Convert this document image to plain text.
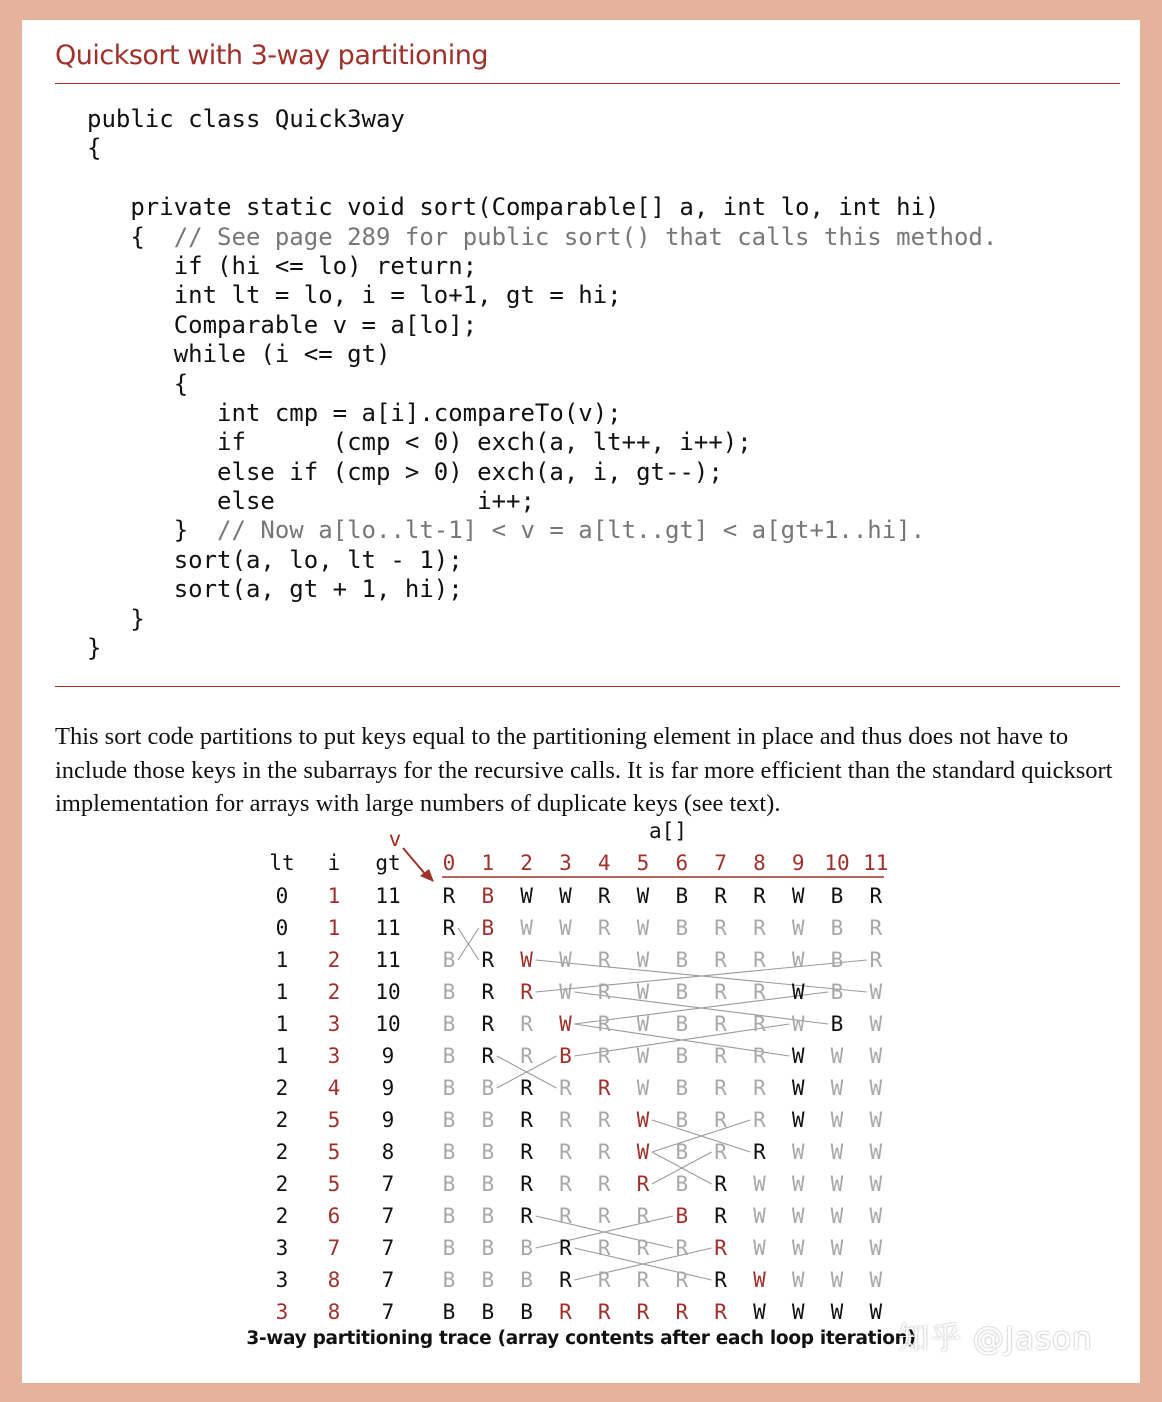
Quicksort with 3-way partitioning
public class Quick3way
{
private static void sort(Comparable[] a, int lo, int hi)
{  // See page 289 for public sort() that calls this method.
if (hi <= lo) return;
int lt = lo, i = lo+1, gt = hi;
Comparable v = a[lo];
while (i <= gt)
{
int cmp = a[i].compareTo(v);
if      (cmp < 0) exch(a, lt++, i++);
else if (cmp > 0) exch(a, i, gt--);
else              i++;
}  // Now a[lo..lt-1] < v = a[lt..gt] < a[gt+1..hi].
sort(a, lo, lt - 1);
sort(a, gt + 1, hi);
}
}
This sort code partitions to put keys equal to the partitioning element in place and thus does not have to include those keys in the subarrays for the recursive calls. It is far more efficient than the standard quicksort implementation for arrays with large numbers of duplicate keys (see text).
a[]
v
lt i gt 0 1 2 3 4 5 6 7 8 9 10 11
0 1 11 R B W W R W B R R W B R
0 1 11 R B W W R W B R R W B R
1 2 11 B R W W R W B R R W B R
1 2 10 B R R W R W B R R W B W
1 3 10 B R R W R W B R R W B W
1 3 9 B R R B R W B R R W W W
2 4 9 B B R R R W B R R W W W
2 5 9 B B R R R W B R R W W W
2 5 8 B B R R R W B R R W W W
2 5 7 B B R R R R B R W W W W
2 6 7 B B R R R R B R W W W W
3 7 7 B B B R R R R R W W W W
3 8 7 B B B R R R R R W W W W
3 8 7 B B B R R R R R W W W W
3-way partitioning trace (array contents after each loop iteration)
知乎 @Jason
